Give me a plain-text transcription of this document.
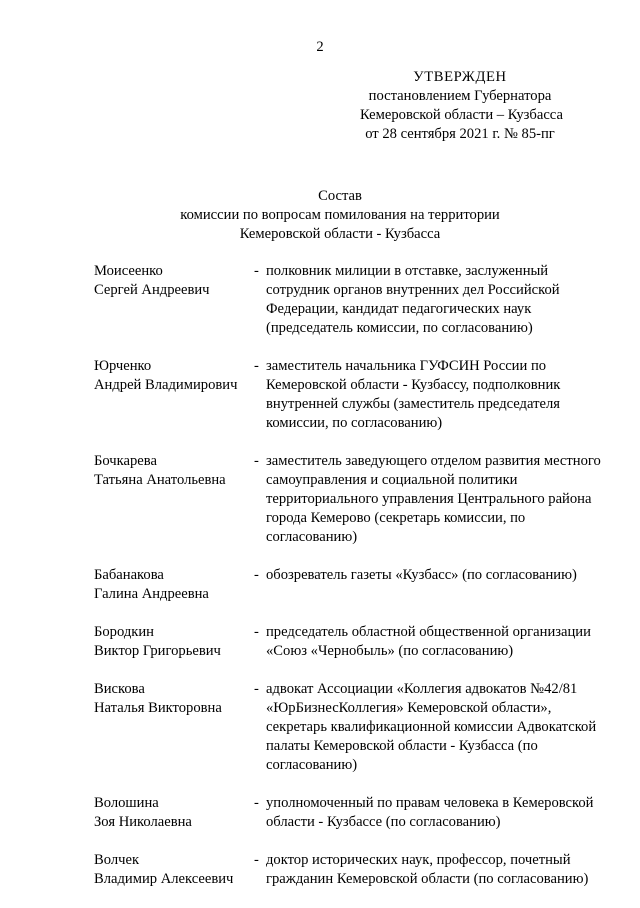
2
УТВЕРЖДЕН
постановлением Губернатора
Кемеровской области – Кузбасса
от 28 сентября 2021 г. № 85-пг
Состав
комиссии по вопросам помилования на территории
Кемеровской области - Кузбасса
Моисеенко
Сергей Андреевич
- полковник милиции в отставке, заслуженный сотрудник органов внутренних дел Российской Федерации, кандидат педагогических наук (председатель комиссии, по согласованию)
Юрченко
Андрей Владимирович
- заместитель начальника ГУФСИН России по Кемеровской области - Кузбассу, подполковник внутренней службы (заместитель председателя комиссии, по согласованию)
Бочкарева
Татьяна Анатольевна
- заместитель заведующего отделом развития местного самоуправления и социальной политики территориального управления Центрального района города Кемерово (секретарь комиссии, по согласованию)
Бабанакова
Галина Андреевна
- обозреватель газеты «Кузбасс» (по согласованию)
Бородкин
Виктор Григорьевич
- председатель областной общественной организации «Союз «Чернобыль» (по согласованию)
Вискова
Наталья Викторовна
- адвокат Ассоциации «Коллегия адвокатов №42/81 «ЮрБизнесКоллегия» Кемеровской области», секретарь квалификационной комиссии Адвокатской палаты Кемеровской области - Кузбасса (по согласованию)
Волошина
Зоя Николаевна
- уполномоченный по правам человека в Кемеровской области - Кузбассе (по согласованию)
Волчек
Владимир Алексеевич
- доктор исторических наук, профессор, почетный гражданин Кемеровской области (по согласованию)
